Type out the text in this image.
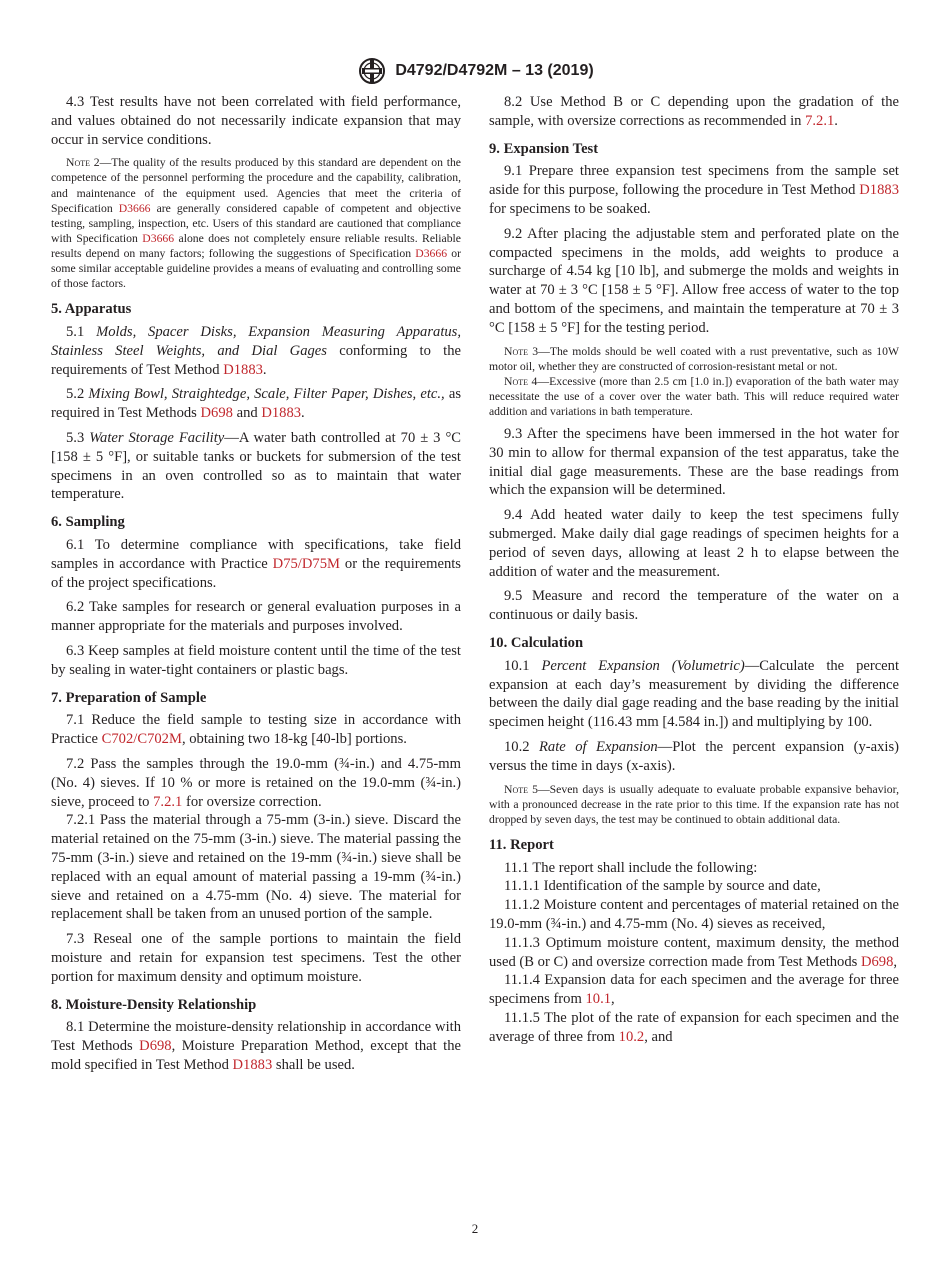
D4792/D4792M – 13 (2019)

4.3 Test results have not been correlated with field performance, and values obtained do not necessarily indicate expansion that may occur in service conditions.

Note 2—The quality of the results produced by this standard are dependent on the competence of the personnel performing the procedure and the capability, calibration, and maintenance of the equipment used. Agencies that meet the criteria of Specification D3666 are generally considered capable of competent and objective testing, sampling, inspection, etc. Users of this standard are cautioned that compliance with Specification D3666 alone does not completely ensure reliable results. Reliable results depend on many factors; following the suggestions of Specification D3666 or some similar acceptable guideline provides a means of evaluating and controlling some of those factors.
5. Apparatus

5.1 Molds, Spacer Disks, Expansion Measuring Apparatus, Stainless Steel Weights, and Dial Gages conforming to the requirements of Test Method D1883.

5.2 Mixing Bowl, Straightedge, Scale, Filter Paper, Dishes, etc., as required in Test Methods D698 and D1883.

5.3 Water Storage Facility—A water bath controlled at 70 ± 3 °C [158 ± 5 °F], or suitable tanks or buckets for submersion of the test specimens in an oven controlled so as to maintain that water temperature.

6. Sampling

6.1 To determine compliance with specifications, take field samples in accordance with Practice D75/D75M or the requirements of the project specifications.

6.2 Take samples for research or general evaluation purposes in a manner appropriate for the materials and purposes involved.

6.3 Keep samples at field moisture content until the time of the test by sealing in water-tight containers or plastic bags.

7. Preparation of Sample

7.1 Reduce the field sample to testing size in accordance with Practice C702/C702M, obtaining two 18-kg [40-lb] portions.

7.2 Pass the samples through the 19.0-mm (¾-in.) and 4.75-mm (No. 4) sieves. If 10 % or more is retained on the 19.0-mm (¾-in.) sieve, proceed to 7.2.1 for oversize correction.

7.2.1 Pass the material through a 75-mm (3-in.) sieve. Discard the material retained on the 75-mm (3-in.) sieve. The material passing the 75-mm (3-in.) sieve and retained on the 19-mm (¾-in.) sieve shall be replaced with an equal amount of material passing a 19-mm (¾-in.) sieve and retained on a 4.75-mm (No. 4) sieve. The material for replacement shall be taken from an unused portion of the sample.

7.3 Reseal one of the sample portions to maintain the field moisture and retain for expansion test specimens. Test the other portion for maximum density and optimum moisture.

8. Moisture-Density Relationship

8.1 Determine the moisture-density relationship in accordance with Test Methods D698, Moisture Preparation Method, except that the mold specified in Test Method D1883 shall be used.

8.2 Use Method B or C depending upon the gradation of the sample, with oversize corrections as recommended in 7.2.1.

9. Expansion Test

9.1 Prepare three expansion test specimens from the sample set aside for this purpose, following the procedure in Test Method D1883 for specimens to be soaked.

9.2 After placing the adjustable stem and perforated plate on the compacted specimens in the molds, add weights to produce a surcharge of 4.54 kg [10 lb], and submerge the molds and weights in water at 70 ± 3 °C [158 ± 5 °F]. Allow free access of water to the top and bottom of the specimens, and maintain the temperature at 70 ± 3 °C [158 ± 5 °F] for the testing period.

Note 3—The molds should be well coated with a rust preventative, such as 10W motor oil, whether they are constructed of corrosion-resistant metal or not.
Note 4—Excessive (more than 2.5 cm [1.0 in.]) evaporation of the bath water may necessitate the use of a cover over the water bath. This will reduce required water addition and variations in bath temperature.

9.3 After the specimens have been immersed in the hot water for 30 min to allow for thermal expansion of the test apparatus, take the initial dial gage measurements. These are the base readings from which the expansion will be determined.

9.4 Add heated water daily to keep the test specimens fully submerged. Make daily dial gage readings of specimen heights for a period of seven days, allowing at least 2 h to elapse between the addition of water and the measurement.

9.5 Measure and record the temperature of the water on a continuous or daily basis.

10. Calculation

10.1 Percent Expansion (Volumetric)—Calculate the percent expansion at each day’s measurement by dividing the difference between the daily dial gage reading and the base reading by the initial specimen height (116.43 mm [4.584 in.]) and multiplying by 100.

10.2 Rate of Expansion—Plot the percent expansion (y-axis) versus the time in days (x-axis).

Note 5—Seven days is usually adequate to evaluate probable expansive behavior, with a pronounced decrease in the rate prior to this time. If the expansion rate has not dropped by seven days, the test may be continued to obtain additional data.
11. Report

11.1 The report shall include the following:

11.1.1 Identification of the sample by source and date,

11.1.2 Moisture content and percentages of material retained on the 19.0-mm (¾-in.) and 4.75-mm (No. 4) sieves as received,

11.1.3 Optimum moisture content, maximum density, the method used (B or C) and oversize correction made from Test Methods D698,

11.1.4 Expansion data for each specimen and the average for three specimens from 10.1,

11.1.5 The plot of the rate of expansion for each specimen and the average of three from 10.2, and

2
